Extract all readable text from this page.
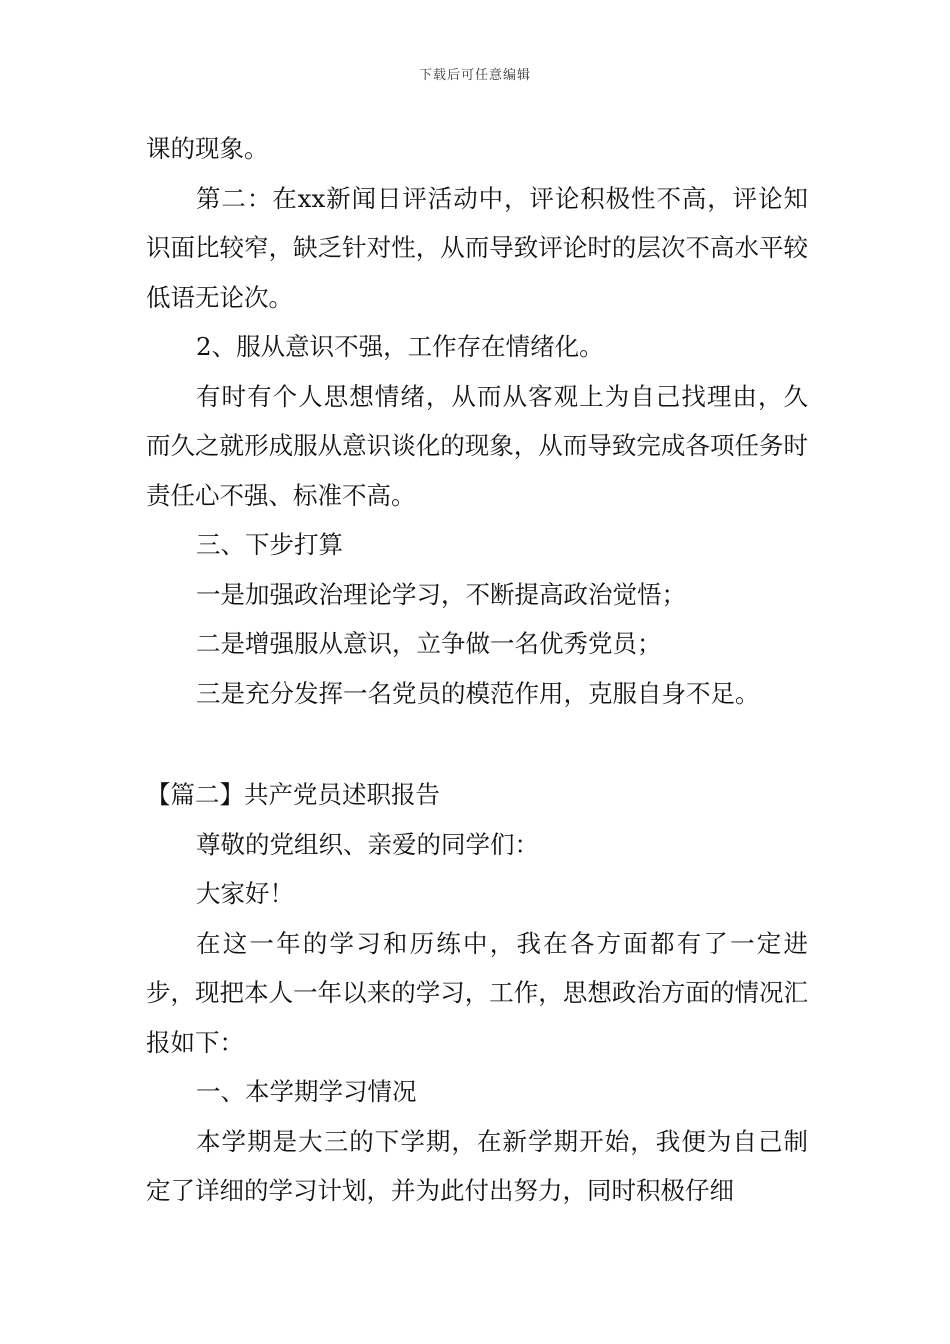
下载后可任意编辑

课的现象。

第二：在xx新闻日评活动中，评论积极性不高，评论知识面比较窄，缺乏针对性，从而导致评论时的层次不高水平较低语无论次。

2、服从意识不强，工作存在情绪化。

有时有个人思想情绪，从而从客观上为自己找理由，久而久之就形成服从意识谈化的现象，从而导致完成各项任务时责任心不强、标准不高。

三、下步打算

一是加强政治理论学习，不断提高政治觉悟；

二是增强服从意识，立争做一名优秀党员；

三是充分发挥一名党员的模范作用，克服自身不足。

【篇二】共产党员述职报告

尊敬的党组织、亲爱的同学们：

大家好！

在这一年的学习和历练中，我在各方面都有了一定进步，现把本人一年以来的学习，工作，思想政治方面的情况汇报如下：

一、本学期学习情况

本学期是大三的下学期，在新学期开始，我便为自己制定了详细的学习计划，并为此付出努力，同时积极仔细
